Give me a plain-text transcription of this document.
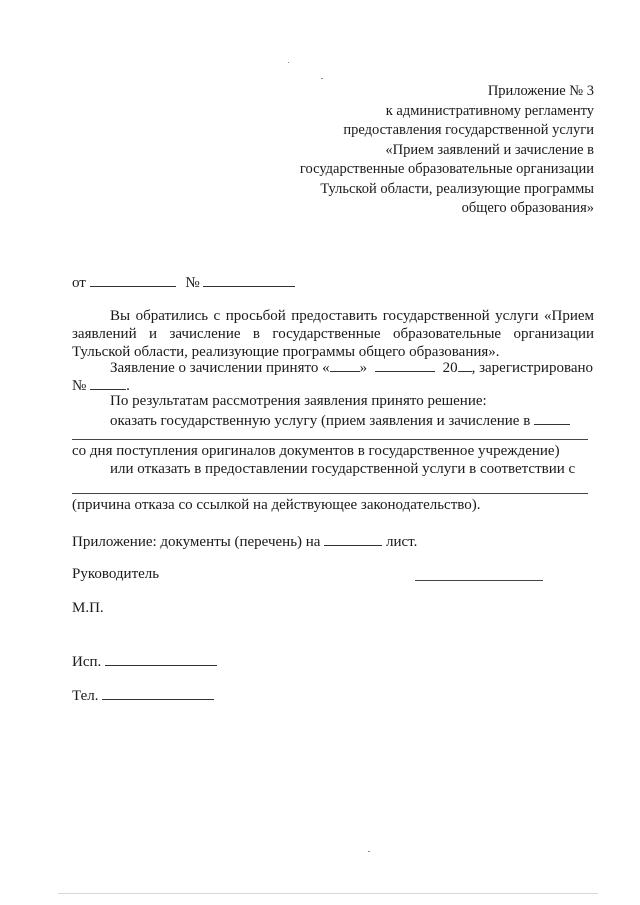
Приложение № 3
к административному регламенту
предоставления государственной услуги
«Прием заявлений и зачисление в
государственные образовательные организации
Тульской области, реализующие программы
общего образования»
от	№
Вы обратились с просьбой предоставить государственной услуги «Прием
заявлений и зачисление в государственные образовательные организации
Тульской области, реализующие программы общего образования».
Заявление о зачислении принято « »	20 , зарегистрировано
№	.
По результатам рассмотрения заявления принято решение:
оказать государственную услугу (прием заявления и зачисление в
со дня поступления оригиналов документов в государственное учреждение)
или отказать в предоставлении государственной услуги в соответствии с
(причина отказа со ссылкой на действующее законодательство).
Приложение: документы (перечень) на	лист.
Руководитель
М.П.
Исп.
Тел.
